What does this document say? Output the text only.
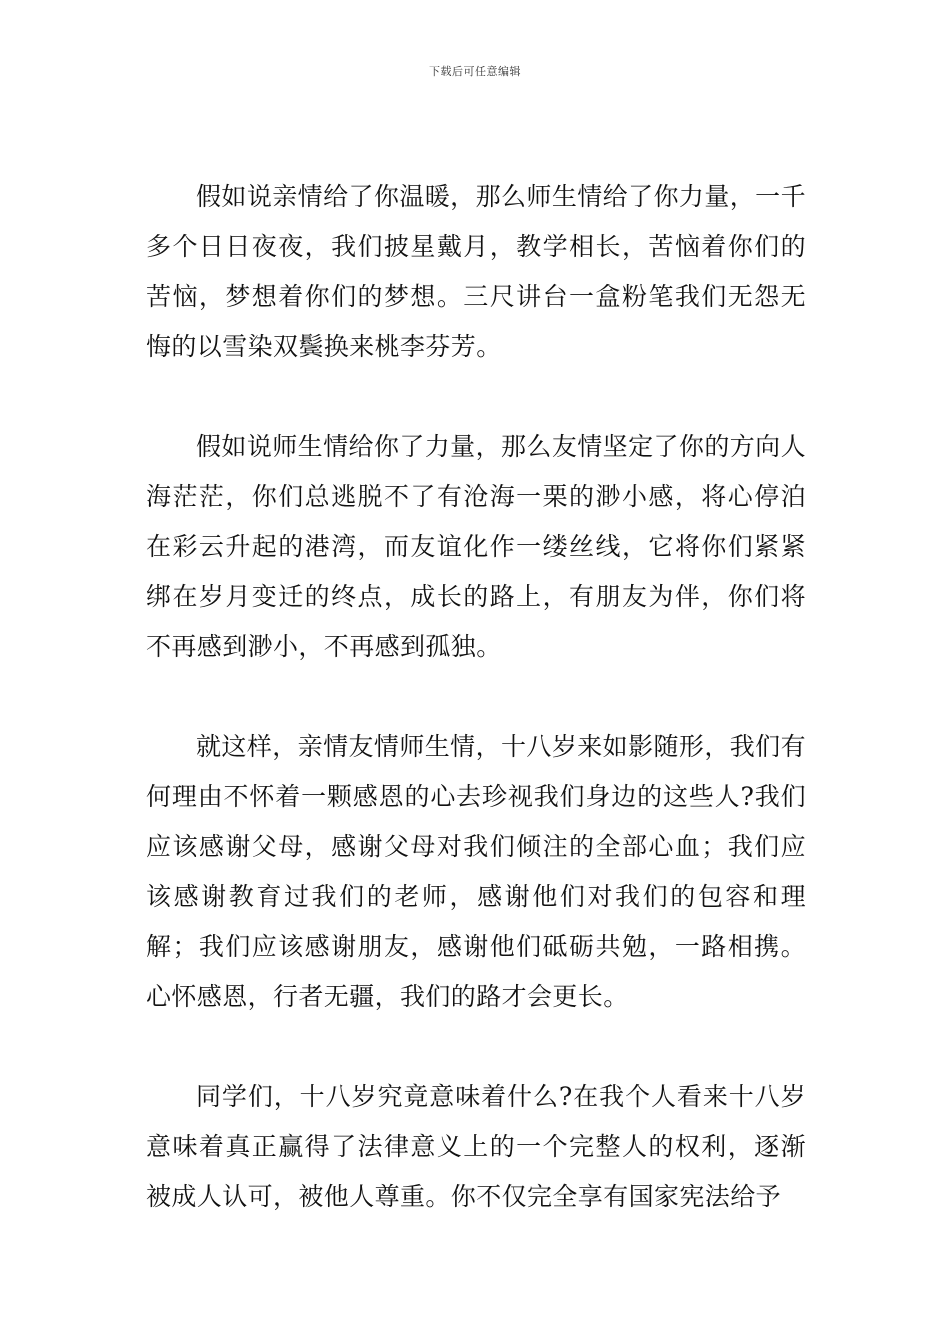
下载后可任意编辑

假如说亲情给了你温暖，那么师生情给了你力量，一千多个日日夜夜，我们披星戴月，教学相长，苦恼着你们的苦恼，梦想着你们的梦想。三尺讲台一盒粉笔我们无怨无悔的以雪染双鬓换来桃李芬芳。

假如说师生情给你了力量，那么友情坚定了你的方向人海茫茫，你们总逃脱不了有沧海一栗的渺小感，将心停泊在彩云升起的港湾，而友谊化作一缕丝线，它将你们紧紧绑在岁月变迁的终点，成长的路上，有朋友为伴，你们将不再感到渺小，不再感到孤独。

就这样，亲情友情师生情，十八岁来如影随形，我们有何理由不怀着一颗感恩的心去珍视我们身边的这些人?我们应该感谢父母，感谢父母对我们倾注的全部心血；我们应该感谢教育过我们的老师，感谢他们对我们的包容和理解；我们应该感谢朋友，感谢他们砥砺共勉，一路相携。心怀感恩，行者无疆，我们的路才会更长。

同学们，十八岁究竟意味着什么?在我个人看来十八岁意味着真正赢得了法律意义上的一个完整人的权利，逐渐被成人认可，被他人尊重。你不仅完全享有国家宪法给予
